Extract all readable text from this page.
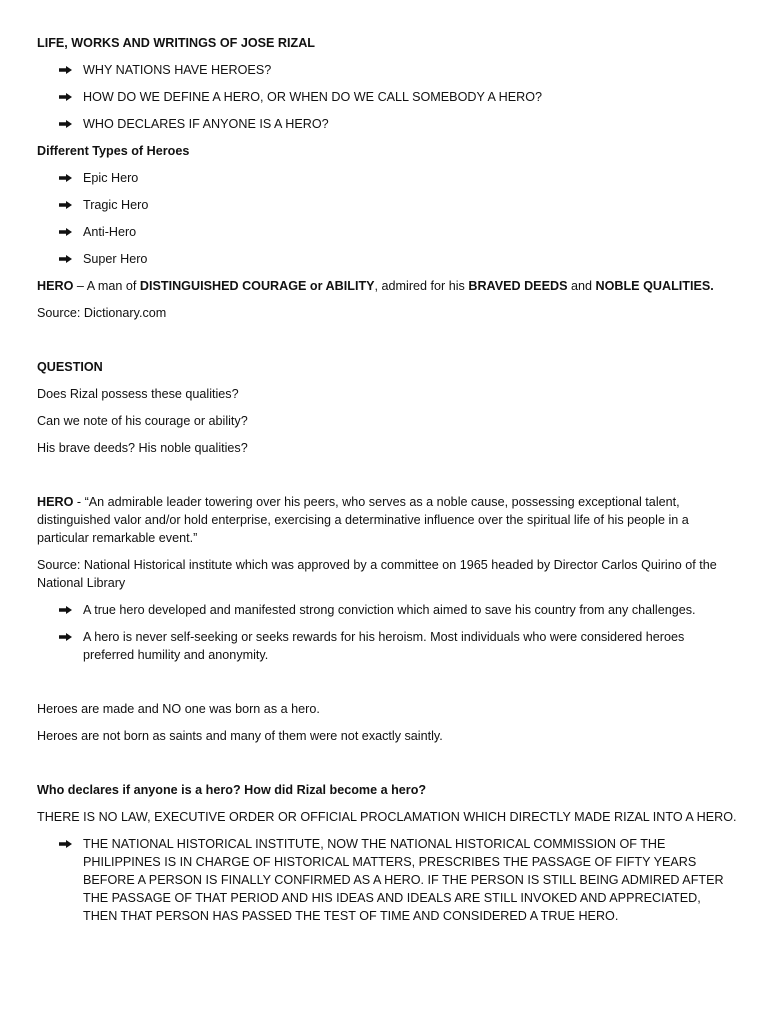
LIFE, WORKS AND WRITINGS OF JOSE RIZAL

WHY NATIONS HAVE HEROES?
HOW DO WE DEFINE A HERO, OR WHEN DO WE CALL SOMEBODY A HERO?
WHO DECLARES IF ANYONE IS A HERO?

Different Types of Heroes

Epic Hero
Tragic Hero
Anti-Hero
Super Hero

HERO – A man of DISTINGUISHED COURAGE or ABILITY, admired for his BRAVED DEEDS and NOBLE QUALITIES.

Source: Dictionary.com

QUESTION

Does Rizal possess these qualities?

Can we note of his courage or ability?

His brave deeds? His noble qualities?

HERO - “An admirable leader towering over his peers, who serves as a noble cause, possessing exceptional talent, distinguished valor and/or hold enterprise, exercising a determinative influence over the spiritual life of his people in a particular remarkable event.”

Source: National Historical institute which was approved by a committee on 1965 headed by Director Carlos Quirino of the National Library

A true hero developed and manifested strong conviction which aimed to save his country from any challenges.
A hero is never self-seeking or seeks rewards for his heroism. Most individuals who were considered heroes preferred humility and anonymity.

Heroes are made and NO one was born as a hero.

Heroes are not born as saints and many of them were not exactly saintly.

Who declares if anyone is a hero? How did Rizal become a hero?

THERE IS NO LAW, EXECUTIVE ORDER OR OFFICIAL PROCLAMATION WHICH DIRECTLY MADE RIZAL INTO A HERO.

THE NATIONAL HISTORICAL INSTITUTE, NOW THE NATIONAL HISTORICAL COMMISSION OF THE PHILIPPINES IS IN CHARGE OF HISTORICAL MATTERS, PRESCRIBES THE PASSAGE OF FIFTY YEARS BEFORE A PERSON IS FINALLY CONFIRMED AS A HERO. IF THE PERSON IS STILL BEING ADMIRED AFTER THE PASSAGE OF THAT PERIOD AND HIS IDEAS AND IDEALS ARE STILL INVOKED AND APPRECIATED, THEN THAT PERSON HAS PASSED THE TEST OF TIME AND CONSIDERED A TRUE HERO.
